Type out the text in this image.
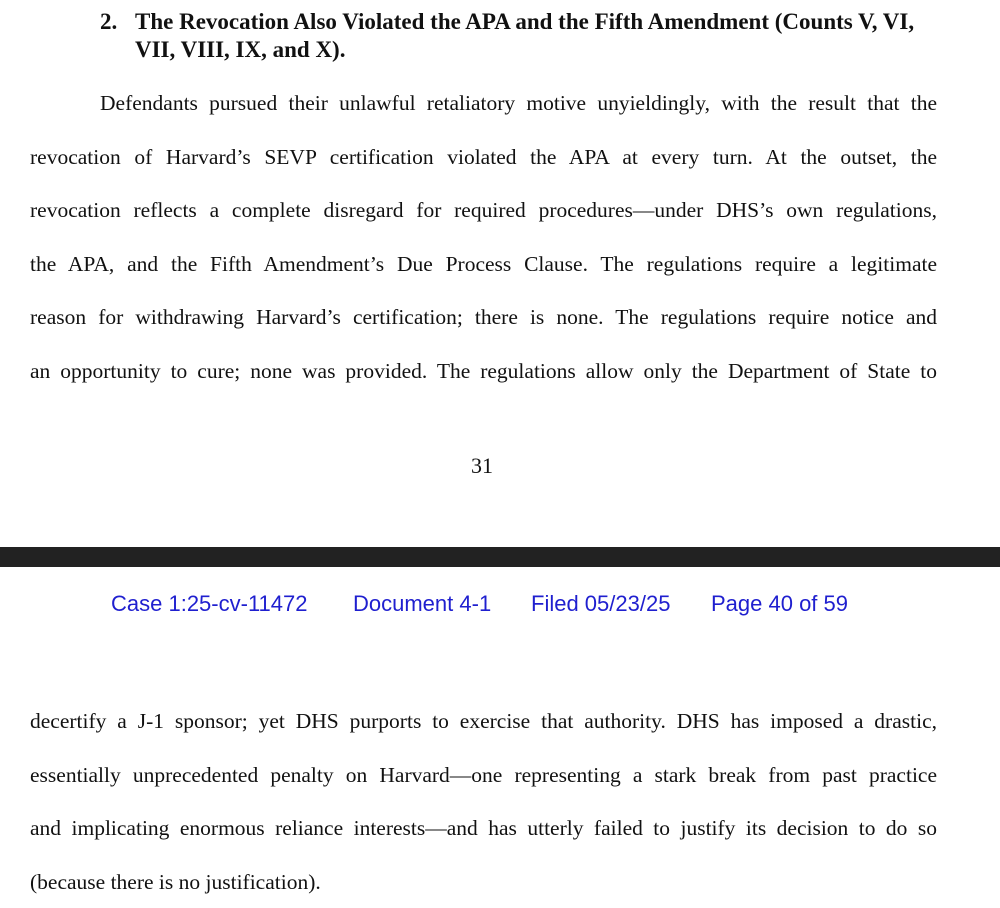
2. The Revocation Also Violated the APA and the Fifth Amendment (Counts V, VI,
VII, VIII, IX, and X).
Defendants pursued their unlawful retaliatory motive unyieldingly, with the result that the
revocation of Harvard’s SEVP certification violated the APA at every turn. At the outset, the
revocation reflects a complete disregard for required procedures—under DHS’s own regulations,
the APA, and the Fifth Amendment’s Due Process Clause. The regulations require a legitimate
reason for withdrawing Harvard’s certification; there is none. The regulations require notice and
an opportunity to cure; none was provided. The regulations allow only the Department of State to
31
Case 1:25-cv-11472 Document 4-1 Filed 05/23/25 Page 40 of 59
decertify a J-1 sponsor; yet DHS purports to exercise that authority. DHS has imposed a drastic,
essentially unprecedented penalty on Harvard—one representing a stark break from past practice
and implicating enormous reliance interests—and has utterly failed to justify its decision to do so
(because there is no justification).
